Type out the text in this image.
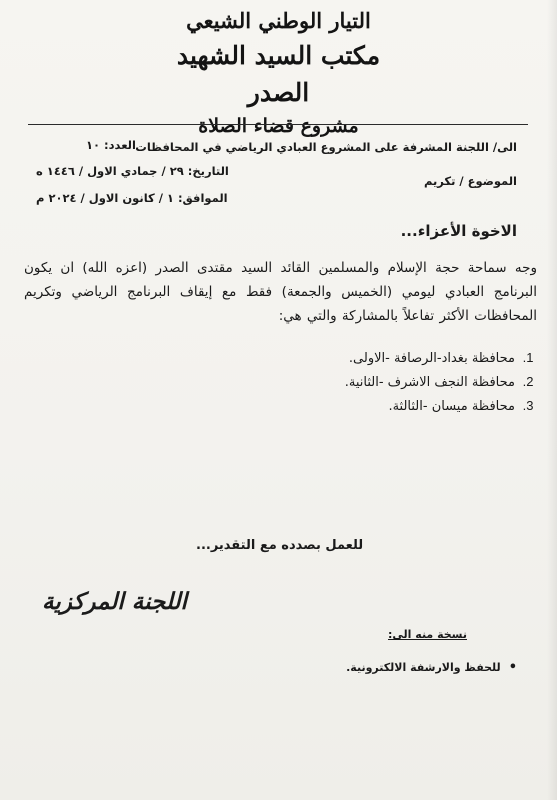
التيار الوطني الشيعي
مكتب السيد الشهيد الصدر
مشروع قضاء الصلاة
الى/ اللجنة المشرفة على المشروع العبادي الرياضي في المحافظات
الموضوع / تكريم
العدد: ١٠
التاريخ: ٢٩ / جمادي الاول / ١٤٤٦ ه
الموافق: ١ / كانون الاول / ٢٠٢٤ م
الاخوة الأعزاء...
وجه سماحة حجة الإسلام والمسلمين القائد السيد مقتدى الصدر (اعزه الله) ان يكون البرنامج العبادي ليومي (الخميس والجمعة) فقط مع إيقاف البرنامج الرياضي وتكريم المحافظات الأكثر تفاعلاً بالمشاركة والتي هي:
1.محافظة بغداد-الرصافة -الاولى.
2.محافظة النجف الاشرف -الثانية.
3.محافظة ميسان -الثالثة.
للعمل بصدده مع التقدير...
اللجنة المركزية
نسخة منه الى:
•للحفظ والارشفة الالكترونية.
